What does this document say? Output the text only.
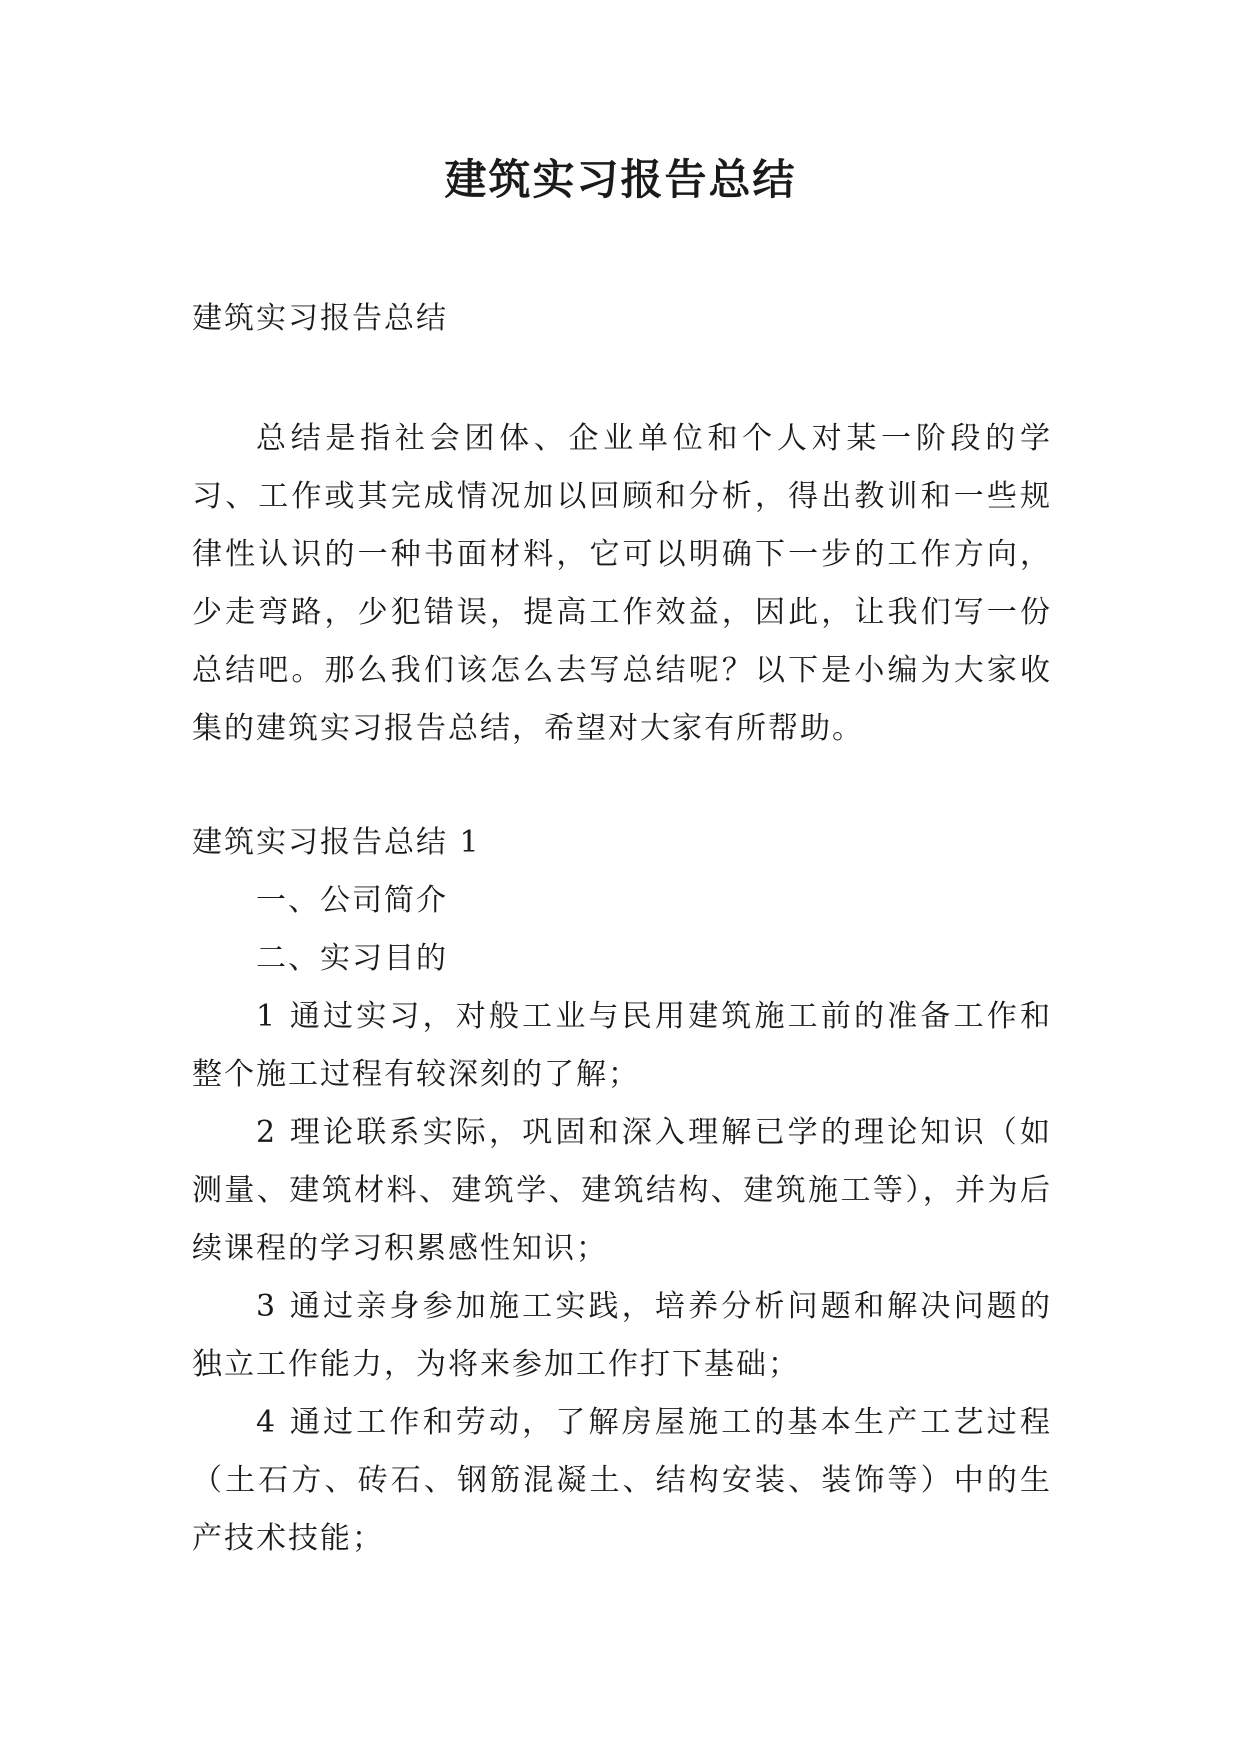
建筑实习报告总结

建筑实习报告总结

总结是指社会团体、企业单位和个人对某一阶段的学习、工作或其完成情况加以回顾和分析，得出教训和一些规律性认识的一种书面材料，它可以明确下一步的工作方向，少走弯路，少犯错误，提高工作效益，因此，让我们写一份总结吧。那么我们该怎么去写总结呢？以下是小编为大家收集的建筑实习报告总结，希望对大家有所帮助。

建筑实习报告总结 1

一、公司简介

二、实习目的

1 通过实习，对般工业与民用建筑施工前的准备工作和整个施工过程有较深刻的了解；

2 理论联系实际，巩固和深入理解已学的理论知识（如测量、建筑材料、建筑学、建筑结构、建筑施工等），并为后续课程的学习积累感性知识；

3 通过亲身参加施工实践，培养分析问题和解决问题的独立工作能力，为将来参加工作打下基础；

4 通过工作和劳动，了解房屋施工的基本生产工艺过程（土石方、砖石、钢筋混凝土、结构安装、装饰等）中的生产技术技能；
